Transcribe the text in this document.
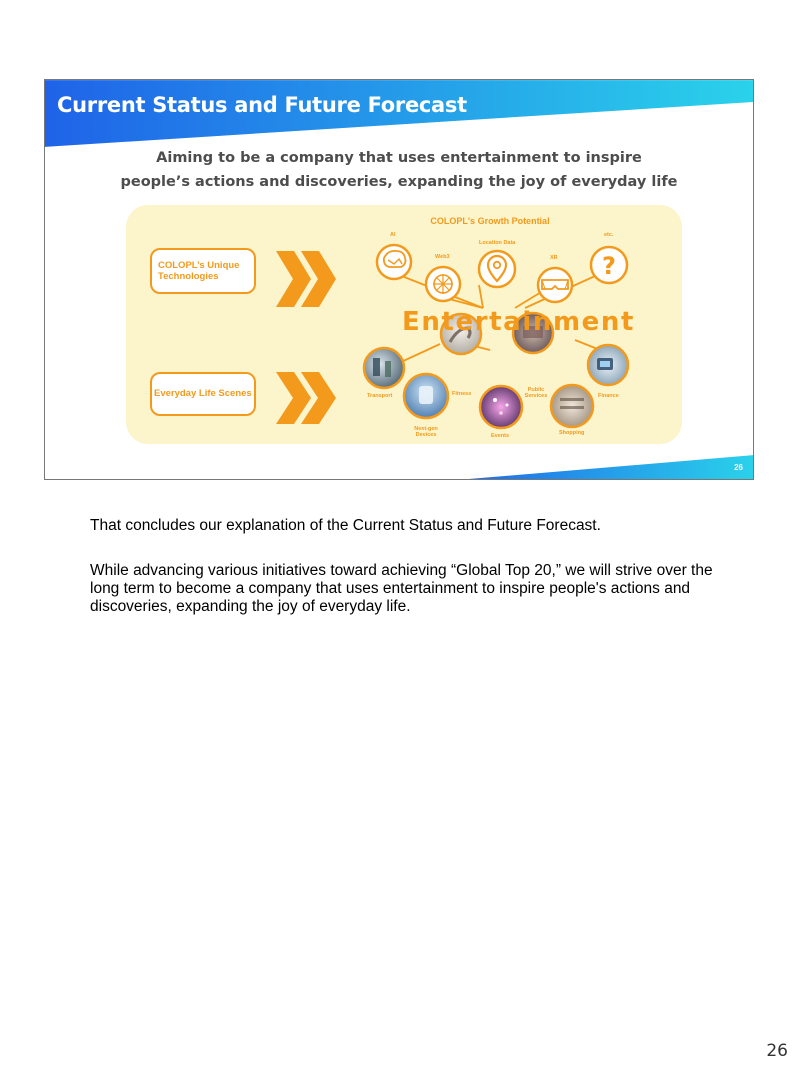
Current Status and Future Forecast

Aiming to be a company that uses entertainment to inspire

people’s actions and discoveries, expanding the joy of everyday life

COLOPL’s Unique Technologies
Everyday Life Scenes
COLOPL's Growth Potential
?
Entertainment
AI
Web3
Location Data
XR
etc.
Transport	Fitness
Public Services	Finance
Next-gen Devices	Events	Shopping
26

That concludes our explanation of the Current Status and Future Forecast.

While advancing various initiatives toward achieving “Global Top 20,” we will strive over the long term to become a company that uses entertainment to inspire people's actions and discoveries, expanding the joy of everyday life.

26
